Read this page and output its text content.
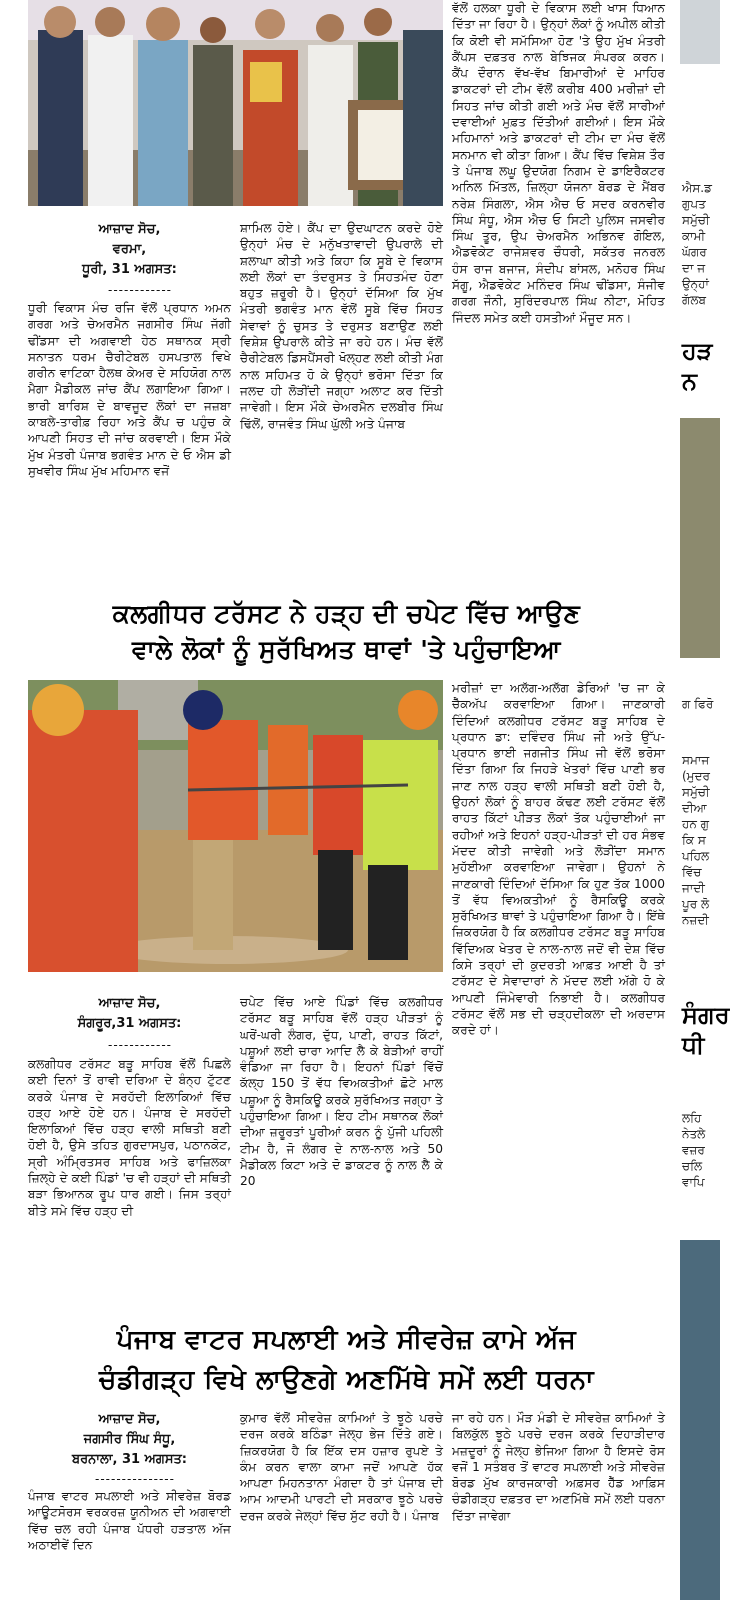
ਆਜ਼ਾਦ ਸੋਚ,
ਵਰਮਾ,
ਧੂਰੀ, 31 ਅਗਸਤ:
------------
ਧੂਰੀ ਵਿਕਾਸ ਮੰਚ ਰਜਿ ਵੱਲੋਂ ਪ੍ਰਧਾਨ ਅਮਨ ਗਰਗ ਅਤੇ ਚੇਅਰਮੈਨ ਜਗਸੀਰ ਸਿੰਘ ਜੱਗੀ ਢੀਂਡਸਾ ਦੀ ਅਗਵਾਈ ਹੇਠ ਸਥਾਨਕ ਸ੍ਰੀ ਸਨਾਤਨ ਧਰਮ ਚੈਰੀਟੇਬਲ ਹਸਪਤਾਲ ਵਿਖੇ ਗਰੀਨ ਵਾਟਿਕਾ ਹੈਲਥ ਕੇਅਰ ਦੇ ਸਹਿਯੋਗ ਨਾਲ ਮੈਗਾ ਮੈਡੀਕਲ ਜਾਂਚ ਕੈਂਪ ਲਗਾਇਆ ਗਿਆ। ਭਾਰੀ ਬਾਰਿਸ਼ ਦੇ ਬਾਵਜੂਦ ਲੋਕਾਂ ਦਾ ਜਜ਼ਬਾ ਕਾਬਲੇ-ਤਾਰੀਫ਼ ਰਿਹਾ ਅਤੇ ਕੈਂਪ ਚ ਪਹੁੰਚ ਕੇ ਆਪਣੀ ਸਿਹਤ ਦੀ ਜਾਂਚ ਕਰਵਾਈ। ਇਸ ਮੌਕੇ ਮੁੱਖ ਮੰਤਰੀ ਪੰਜਾਬ ਭਗਵੰਤ ਮਾਨ ਦੇ ਓ ਐਸ ਡੀ ਸੁਖਵੀਰ ਸਿੰਘ ਮੁੱਖ ਮਹਿਮਾਨ ਵਜੋਂ
ਸ਼ਾਮਿਲ ਹੋਏ। ਕੈਂਪ ਦਾ ਉਦਘਾਟਨ ਕਰਦੇ ਹੋਏ ਉਨ੍ਹਾਂ ਮੰਚ ਦੇ ਮਨੁੱਖਤਾਵਾਦੀ ਉਪਰਾਲੇ ਦੀ ਸ਼ਲਾਘਾ ਕੀਤੀ ਅਤੇ ਕਿਹਾ ਕਿ ਸੂਬੇ ਦੇ ਵਿਕਾਸ ਲਈ ਲੋਕਾਂ ਦਾ ਤੰਦਰੁਸਤ ਤੇ ਸਿਹਤਮੰਦ ਹੋਣਾ ਬਹੁਤ ਜ਼ਰੂਰੀ ਹੈ। ਉਨ੍ਹਾਂ ਦੱਸਿਆ ਕਿ ਮੁੱਖ ਮੰਤਰੀ ਭਗਵੰਤ ਮਾਨ ਵੱਲੋਂ ਸੂਬੇ ਵਿੱਚ ਸਿਹਤ ਸੇਵਾਵਾਂ ਨੂੰ ਚੁਸਤ ਤੇ ਦਰੁਸਤ ਬਣਾਉਣ ਲਈ ਵਿਸ਼ੇਸ਼ ਉਪਰਾਲੇ ਕੀਤੇ ਜਾ ਰਹੇ ਹਨ। ਮੰਚ ਵੱਲੋਂ ਚੈਰੀਟੇਬਲ ਡਿਸਪੈਂਸਰੀ ਖੋਲ੍ਹਣ ਲਈ ਕੀਤੀ ਮੰਗ ਨਾਲ ਸਹਿਮਤ ਹੋ ਕੇ ਉਨ੍ਹਾਂ ਭਰੋਸਾ ਦਿੱਤਾ ਕਿ ਜਲਦ ਹੀ ਲੋੜੀਂਦੀ ਜਗ੍ਹਾ ਅਲਾਟ ਕਰ ਦਿੱਤੀ ਜਾਵੇਗੀ। ਇਸ ਮੌਕੇ ਚੇਅਰਮੈਨ ਦਲਬੀਰ ਸਿੰਘ ਢਿੱਲੋਂ, ਰਾਜਵੰਤ ਸਿੰਘ ਘੁੱਲੀ ਅਤੇ ਪੰਜਾਬ
ਵੱਲੋਂ ਹਲਕਾ ਧੂਰੀ ਦੇ ਵਿਕਾਸ ਲਈ ਖਾਸ ਧਿਆਨ ਦਿੱਤਾ ਜਾ ਰਿਹਾ ਹੈ। ਉਨ੍ਹਾਂ ਲੋਕਾਂ ਨੂੰ ਅਪੀਲ ਕੀਤੀ ਕਿ ਕੋਈ ਵੀ ਸਮੱਸਿਆ ਹੋਣ 'ਤੇ ਉਹ ਮੁੱਖ ਮੰਤਰੀ ਕੈਂਪਸ ਦਫ਼ਤਰ ਨਾਲ ਬੇਝਿਜਕ ਸੰਪਰਕ ਕਰਨ। ਕੈਂਪ ਦੌਰਾਨ ਵੱਖ-ਵੱਖ ਬਿਮਾਰੀਆਂ ਦੇ ਮਾਹਿਰ ਡਾਕਟਰਾਂ ਦੀ ਟੀਮ ਵੱਲੋਂ ਕਰੀਬ 400 ਮਰੀਜ਼ਾਂ ਦੀ ਸਿਹਤ ਜਾਂਚ ਕੀਤੀ ਗਈ ਅਤੇ ਮੰਚ ਵੱਲੋਂ ਸਾਰੀਆਂ ਦਵਾਈਆਂ ਮੁਫ਼ਤ ਦਿੱਤੀਆਂ ਗਈਆਂ। ਇਸ ਮੌਕੇ ਮਹਿਮਾਨਾਂ ਅਤੇ ਡਾਕਟਰਾਂ ਦੀ ਟੀਮ ਦਾ ਮੰਚ ਵੱਲੋਂ ਸਨਮਾਨ ਵੀ ਕੀਤਾ ਗਿਆ। ਕੈਂਪ ਵਿੱਚ ਵਿਸ਼ੇਸ਼ ਤੌਰ ਤੇ ਪੰਜਾਬ ਲਘੂ ਉਦਯੋਗ ਨਿਗਮ ਦੇ ਡਾਇਰੈਕਟਰ ਅਨਿਲ ਮਿੱਤਲ, ਜ਼ਿਲ੍ਹਾ ਯੋਜਨਾ ਬੋਰਡ ਦੇ ਮੈਂਬਰ ਨਰੇਸ਼ ਸਿੰਗਲਾ, ਐਸ ਐਚ ਓ ਸਦਰ ਕਰਨਵੀਰ ਸਿੰਘ ਸੰਧੂ, ਐਸ ਐਚ ਓ ਸਿਟੀ ਪੁਲਿਸ ਜਸਵੀਰ ਸਿੰਘ ਤੂਰ, ਉਪ ਚੇਅਰਮੈਨ ਅਭਿਨਵ ਗੋਇਲ, ਐਡਵੋਕੇਟ ਰਾਜੇਸ਼ਵਰ ਚੌਧਰੀ, ਸਕੱਤਰ ਜਨਰਲ ਹੰਸ ਰਾਜ ਬਜਾਜ, ਸੰਦੀਪ ਬਾਂਸਲ, ਮਨੋਹਰ ਸਿੰਘ ਸੱਗੂ, ਐਡਵੋਕੇਟ ਮਨਿੰਦਰ ਸਿੰਘ ਢੀਂਡਸਾ, ਸੰਜੀਵ ਗਰਗ ਜੌਨੀ, ਸੁਰਿੰਦਰਪਾਲ ਸਿੰਘ ਨੀਟਾ, ਮੋਹਿਤ ਜਿੰਦਲ ਸਮੇਤ ਕਈ ਹਸਤੀਆਂ ਮੌਜੂਦ ਸਨ।
ਕਲਗੀਧਰ ਟਰੱਸਟ ਨੇ ਹੜ੍ਹ ਦੀ ਚਪੇਟ ਵਿੱਚ ਆਉਣ
ਵਾਲੇ ਲੋਕਾਂ ਨੂੰ ਸੁਰੱਖਿਅਤ ਥਾਵਾਂ 'ਤੇ ਪਹੁੰਚਾਇਆ
ਆਜ਼ਾਦ ਸੋਚ,
ਸੰਗਰੂਰ,31 ਅਗਸਤ:
------------
ਕਲਗੀਧਰ ਟਰੱਸਟ ਬੜੂ ਸਾਹਿਬ ਵੱਲੋਂ ਪਿਛਲੇ ਕਈ ਦਿਨਾਂ ਤੋਂ ਰਾਵੀ ਦਰਿਆ ਦੇ ਬੰਨ੍ਹ ਟੁੱਟਣ ਕਰਕੇ ਪੰਜਾਬ ਦੇ ਸਰਹੱਦੀ ਇਲਾਕਿਆਂ ਵਿੱਚ ਹੜ੍ਹ ਆਏ ਹੋਏ ਹਨ। ਪੰਜਾਬ ਦੇ ਸਰਹੱਦੀ ਇਲਾਕਿਆਂ ਵਿੱਚ ਹੜ੍ਹ ਵਾਲੀ ਸਥਿਤੀ ਬਣੀ ਹੋਈ ਹੈ, ਉਸੇ ਤਹਿਤ ਗੁਰਦਾਸਪੁਰ, ਪਠਾਨਕੋਟ, ਸ੍ਰੀ ਅੰਮ੍ਰਿਤਸਰ ਸਾਹਿਬ ਅਤੇ ਫਾਜ਼ਿਲਕਾ ਜ਼ਿਲ੍ਹੇ ਦੇ ਕਈ ਪਿੰਡਾਂ 'ਚ ਵੀ ਹੜ੍ਹਾਂ ਦੀ ਸਥਿਤੀ ਬੜਾ ਭਿਆਨਕ ਰੂਪ ਧਾਰ ਗਈ। ਜਿਸ ਤਰ੍ਹਾਂ ਬੀਤੇ ਸਮੇ ਵਿੱਚ ਹੜ੍ਹ ਦੀ
ਚਪੇਟ ਵਿੱਚ ਆਏ ਪਿੰਡਾਂ ਵਿੱਚ ਕਲਗੀਧਰ ਟਰੱਸਟ ਬੜੂ ਸਾਹਿਬ ਵੱਲੋਂ ਹੜ੍ਹ ਪੀੜਤਾਂ ਨੂੰ ਘਰੋਂ-ਘਰੀ ਲੰਗਰ, ਦੁੱਧ, ਪਾਣੀ, ਰਾਹਤ ਕਿੱਟਾਂ, ਪਸ਼ੂਆਂ ਲਈ ਚਾਰਾ ਆਦਿ ਲੈ ਕੇ ਬੇੜੀਆਂ ਰਾਹੀਂ ਵੰਡਿਆ ਜਾ ਰਿਹਾ ਹੈ। ਇਹਨਾਂ ਪਿੰਡਾਂ ਵਿੱਚੋਂ ਕੱਲ੍ਹ 150 ਤੋਂ ਵੱਧ ਵਿਅਕਤੀਆਂ ਛੋਟੇ ਮਾਲ ਪਸ਼ੂਆ ਨੂੰ ਰੈਸਕਿਊ ਕਰਕੇ ਸੁਰੱਖਿਅਤ ਜਗ੍ਹਾ ਤੇ ਪਹੁੰਚਾਇਆ ਗਿਆ। ਇਹ ਟੀਮ ਸਥਾਨਕ ਲੋਕਾਂ ਦੀਆ ਜ਼ਰੂਰਤਾਂ ਪੂਰੀਆਂ ਕਰਨ ਨੂੰ ਪੁੱਜੀ ਪਹਿਲੀ ਟੀਮ ਹੈ, ਜੋ ਲੰਗਰ ਦੇ ਨਾਲ-ਨਾਲ ਅਤੇ 50 ਮੈਡੀਕਲ ਕਿਟਾ ਅਤੇ ਦੋ ਡਾਕਟਰ ਨੂੰ ਨਾਲ ਲੈ ਕੇ 20
ਮਰੀਜ਼ਾਂ ਦਾ ਅਲੱਗ-ਅਲੱਗ ਡੇਰਿਆਂ 'ਚ ਜਾ ਕੇ ਚੈੱਕਅੱਪ ਕਰਵਾਇਆ ਗਿਆ। ਜਾਣਕਾਰੀ ਦਿੰਦਿਆਂ ਕਲਗੀਧਰ ਟਰੱਸਟ ਬੜੂ ਸਾਹਿਬ ਦੇ ਪ੍ਰਧਾਨ ਡਾ: ਦਵਿੰਦਰ ਸਿੰਘ ਜੀ ਅਤੇ ਉੱਪ-ਪ੍ਰਧਾਨ ਭਾਈ ਜਗਜੀਤ ਸਿੰਘ ਜੀ ਵੱਲੋਂ ਭਰੋਸਾ ਦਿੱਤਾ ਗਿਆ ਕਿ ਜਿਹੜੇ ਖੇਤਰਾਂ ਵਿੱਚ ਪਾਣੀ ਭਰ ਜਾਣ ਨਾਲ ਹੜ੍ਹ ਵਾਲੀ ਸਥਿਤੀ ਬਣੀ ਹੋਈ ਹੈ, ਉਹਨਾਂ ਲੋਕਾਂ ਨੂੰ ਬਾਹਰ ਕੱਢਣ ਲਈ ਟਰੱਸਟ ਵੱਲੋਂ ਰਾਹਤ ਕਿੱਟਾਂ ਪੀੜਤ ਲੋਕਾਂ ਤੱਕ ਪਹੁੰਚਾਈਆਂ ਜਾ ਰਹੀਆਂ ਅਤੇ ਇਹਨਾਂ ਹੜ੍ਹ-ਪੀੜਤਾਂ ਦੀ ਹਰ ਸੰਭਵ ਮੱਦਦ ਕੀਤੀ ਜਾਵੇਗੀ ਅਤੇ ਲੋੜੀਂਦਾ ਸਮਾਨ ਮੁਹੱਈਆ ਕਰਵਾਇਆ ਜਾਵੇਗਾ। ਉਹਨਾਂ ਨੇ ਜਾਣਕਾਰੀ ਦਿੰਦਿਆਂ ਦੱਸਿਆ ਕਿ ਹੁਣ ਤੱਕ 1000 ਤੋਂ ਵੱਧ ਵਿਅਕਤੀਆਂ ਨੂੰ ਰੈਸਕਿਊ ਕਰਕੇ ਸੁਰੱਖਿਅਤ ਥਾਵਾਂ ਤੇ ਪਹੁੰਚਾਇਆ ਗਿਆ ਹੈ। ਇੱਥੇ ਜ਼ਿਕਰਯੋਗ ਹੈ ਕਿ ਕਲਗੀਧਰ ਟਰੱਸਟ ਬੜੂ ਸਾਹਿਬ ਵਿੱਦਿਅਕ ਖੇਤਰ ਦੇ ਨਾਲ-ਨਾਲ ਜਦੋਂ ਵੀ ਦੇਸ਼ ਵਿੱਚ ਕਿਸੇ ਤਰ੍ਹਾਂ ਦੀ ਕੁਦਰਤੀ ਆਫ਼ਤ ਆਈ ਹੈ ਤਾਂ ਟਰੱਸਟ ਦੇ ਸੇਵਾਦਾਰਾਂ ਨੇ ਮੱਦਦ ਲਈ ਅੱਗੇ ਹੋ ਕੇ ਆਪਣੀ ਜਿੰਮੇਵਾਰੀ ਨਿਭਾਈ ਹੈ। ਕਲਗੀਧਰ ਟਰੱਸਟ ਵੱਲੋਂ ਸਭ ਦੀ ਚੜ੍ਹਦੀਕਲਾ ਦੀ ਅਰਦਾਸ ਕਰਦੇ ਹਾਂ।
ਪੰਜਾਬ ਵਾਟਰ ਸਪਲਾਈ ਅਤੇ ਸੀਵਰੇਜ਼ ਕਾਮੇ ਅੱਜ
ਚੰਡੀਗੜ੍ਹ ਵਿਖੇ ਲਾਉਣਗੇ ਅਣਮਿੱਥੇ ਸਮੇਂ ਲਈ ਧਰਨਾ
ਆਜ਼ਾਦ ਸੋਚ,
ਜਗਸੀਰ ਸਿੰਘ ਸੰਧੂ,
ਬਰਨਾਲਾ, 31 ਅਗਸਤ:
---------------
ਪੰਜਾਬ ਵਾਟਰ ਸਪਲਾਈ ਅਤੇ ਸੀਵਰੇਜ਼ ਬੋਰਡ ਆਊਟਸੋਰਸ ਵਰਕਰਜ਼ ਯੂਨੀਅਨ ਦੀ ਅਗਵਾਈ ਵਿੱਚ ਚਲ ਰਹੀ ਪੰਜਾਬ ਪੱਧਰੀ ਹੜਤਾਲ ਅੱਜ ਅਠਾਈਵੇਂ ਦਿਨ
ਕੁਮਾਰ ਵੱਲੋਂ ਸੀਵਰੇਜ਼ ਕਾਮਿਆਂ ਤੇ ਝੂਠੇ ਪਰਚੇ ਦਰਜ ਕਰਕੇ ਬਠਿੰਡਾ ਜੇਲ੍ਹ ਭੇਜ ਦਿੱਤੇ ਗਏ। ਜ਼ਿਕਰਯੋਗ ਹੈ ਕਿ ਇੱਕ ਦਸ ਹਜ਼ਾਰ ਰੁਪਏ ਤੇ ਕੰਮ ਕਰਨ ਵਾਲਾ ਕਾਮਾ ਜਦੋਂ ਆਪਣੇ ਹੱਕ ਆਪਣਾ ਮਿਹਨਤਾਨਾ ਮੰਗਦਾ ਹੈ ਤਾਂ ਪੰਜਾਬ ਦੀ ਆਮ ਆਦਮੀ ਪਾਰਟੀ ਦੀ ਸਰਕਾਰ ਝੂਠੇ ਪਰਚੇ ਦਰਜ ਕਰਕੇ ਜੇਲ੍ਹਾਂ ਵਿੱਚ ਸੁੱਟ ਰਹੀ ਹੈ। ਪੰਜਾਬ
ਜਾ ਰਹੇ ਹਨ। ਮੌੜ ਮੰਡੀ ਦੇ ਸੀਵਰੇਜ਼ ਕਾਮਿਆਂ ਤੇ ਬਿਲਕੁੱਲ ਝੂਠੇ ਪਰਚੇ ਦਰਜ ਕਰਕੇ ਦਿਹਾੜੀਦਾਰ ਮਜ਼ਦੂਰਾਂ ਨੂੰ ਜੇਲ੍ਹ ਭੇਜਿਆ ਗਿਆ ਹੈ ਇਸਦੇ ਰੋਸ ਵਜੋਂ 1 ਸਤੰਬਰ ਤੋਂ ਵਾਟਰ ਸਪਲਾਈ ਅਤੇ ਸੀਵਰੇਜ਼ ਬੋਰਡ ਮੁੱਖ ਕਾਰਜਕਾਰੀ ਅਫ਼ਸਰ ਹੈੱਡ ਆਫ਼ਿਸ ਚੰਡੀਗੜ੍ਹ ਦਫ਼ਤਰ ਦਾ ਅਣਮਿੱਥੇ ਸਮੇਂ ਲਈ ਧਰਨਾ ਦਿੱਤਾ ਜਾਵੇਗਾ
ਐਸ.ਡ ਗੁਪਤ ਸਮੁੱਚੀ ਕਾਮੀ ਘੱਗਰ ਦਾ ਜ ਉਨ੍ਹਾਂ ਗੱਲਬ
ਹੜ ਨ
ਗ ਫਿਰੋ
ਸਮਾਜ (ਮੁਦਰ ਸਮੁੱਚੀ ਦੀਆ ਹਨ ਗੁ ਕਿ ਸ ਪਹਿਲ ਵਿੱਚ ਜਾਦੀ ਪੂਰ ਲੋ ਨਜ਼ਦੀ
ਸੰਗਰ ਧੀ
ਲਹਿ ਨੇਤਲੇ ਵਜ਼ਰ ਚਲਿ ਵਾਪਿ
